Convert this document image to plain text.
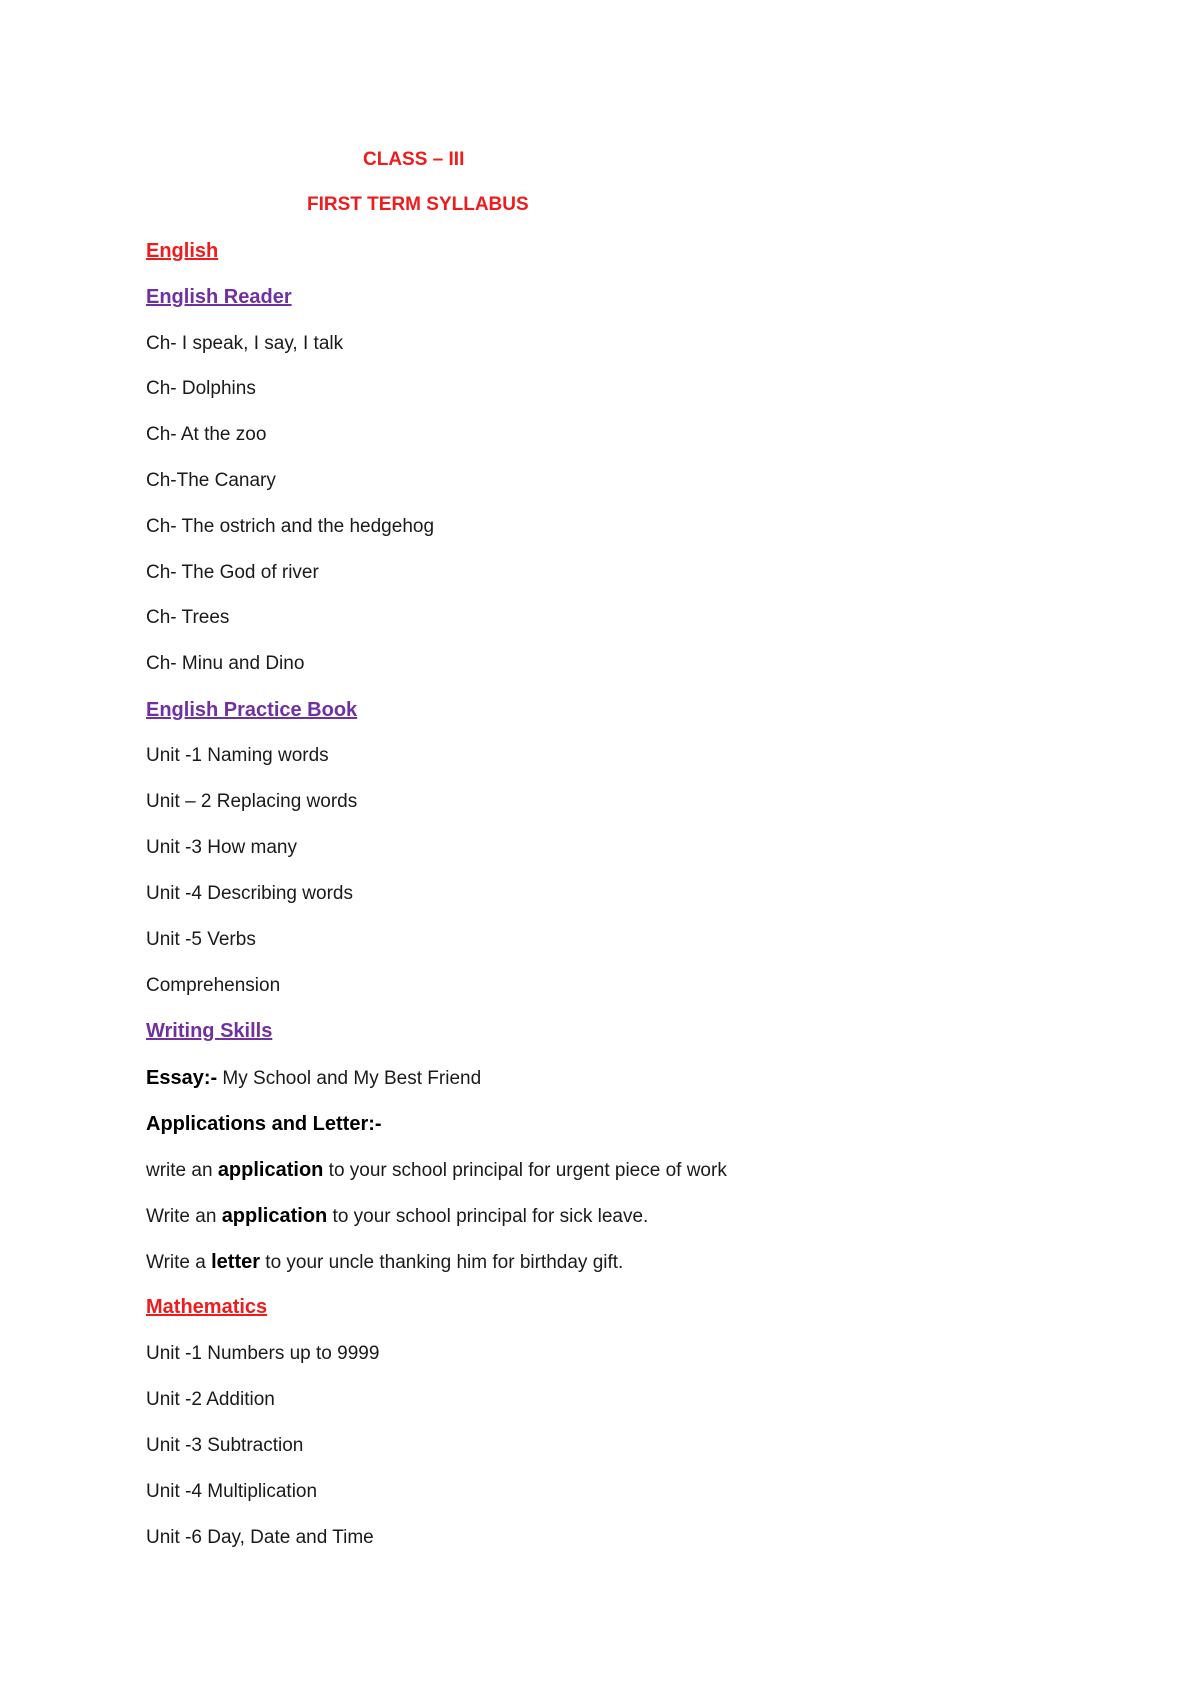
CLASS – III
FIRST TERM SYLLABUS
English
English Reader
Ch- I speak, I say, I talk
Ch- Dolphins
Ch- At the zoo
Ch-The Canary
Ch- The ostrich and the hedgehog
Ch- The God of river
Ch- Trees
Ch- Minu and Dino
English Practice Book
Unit -1 Naming words
Unit – 2 Replacing words
Unit -3 How many
Unit -4 Describing words
Unit -5 Verbs
Comprehension
Writing Skills
Essay:- My School and My Best Friend
Applications and Letter:-
write an application to your school principal for urgent piece of work
Write an application to your school principal for sick leave.
Write a letter to your uncle thanking him for birthday gift.
Mathematics
Unit -1 Numbers up to 9999
Unit -2 Addition
Unit -3 Subtraction
Unit -4 Multiplication
Unit -6 Day, Date and Time
